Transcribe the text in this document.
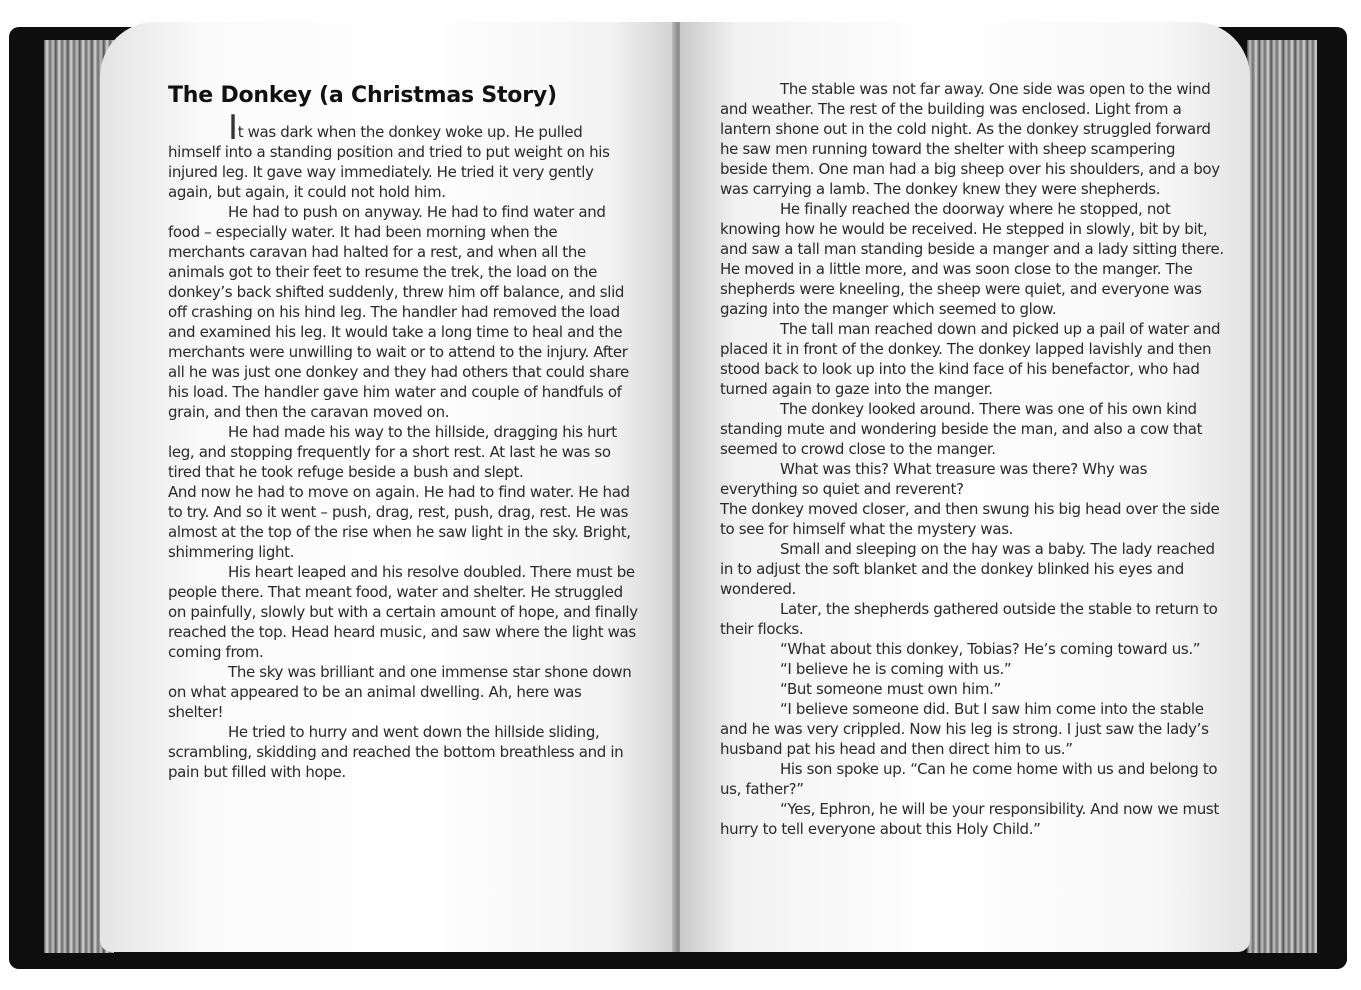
The Donkey (a Christmas Story)

It was dark when the donkey woke up. He pulled himself into a standing position and tried to put weight on his injured leg. It gave way immediately. He tried it very gently again, but again, it could not hold him.

He had to push on anyway. He had to find water and food – especially water. It had been morning when the merchants caravan had halted for a rest, and when all the animals got to their feet to resume the trek, the load on the donkey’s back shifted suddenly, threw him off balance, and slid off crashing on his hind leg. The handler had removed the load and examined his leg. It would take a long time to heal and the merchants were unwilling to wait or to attend to the injury. After all he was just one donkey and they had others that could share his load. The handler gave him water and couple of handfuls of grain, and then the caravan moved on.

He had made his way to the hillside, dragging his hurt leg, and stopping frequently for a short rest. At last he was so tired that he took refuge beside a bush and slept.

And now he had to move on again. He had to find water. He had to try. And so it went – push, drag, rest, push, drag, rest. He was almost at the top of the rise when he saw light in the sky. Bright, shimmering light.

His heart leaped and his resolve doubled. There must be people there. That meant food, water and shelter. He struggled on painfully, slowly but with a certain amount of hope, and finally reached the top. Head heard music, and saw where the light was coming from.

The sky was brilliant and one immense star shone down on what appeared to be an animal dwelling. Ah, here was shelter!

He tried to hurry and went down the hillside sliding, scrambling, skidding and reached the bottom breathless and in pain but filled with hope.

The stable was not far away. One side was open to the wind and weather. The rest of the building was enclosed. Light from a lantern shone out in the cold night. As the donkey struggled forward he saw men running toward the shelter with sheep scampering beside them. One man had a big sheep over his shoulders, and a boy was carrying a lamb. The donkey knew they were shepherds.

He finally reached the doorway where he stopped, not knowing how he would be received. He stepped in slowly, bit by bit, and saw a tall man standing beside a manger and a lady sitting there. He moved in a little more, and was soon close to the manger. The shepherds were kneeling, the sheep were quiet, and everyone was gazing into the manger which seemed to glow.

The tall man reached down and picked up a pail of water and placed it in front of the donkey. The donkey lapped lavishly and then stood back to look up into the kind face of his benefactor, who had turned again to gaze into the manger.

The donkey looked around. There was one of his own kind standing mute and wondering beside the man, and also a cow that seemed to crowd close to the manger.

What was this? What treasure was there? Why was everything so quiet and reverent?

The donkey moved closer, and then swung his big head over the side to see for himself what the mystery was.

Small and sleeping on the hay was a baby. The lady reached in to adjust the soft blanket and the donkey blinked his eyes and wondered.

Later, the shepherds gathered outside the stable to return to their flocks.

“What about this donkey, Tobias? He’s coming toward us.”

“I believe he is coming with us.”

“But someone must own him.”

“I believe someone did. But I saw him come into the stable and he was very crippled. Now his leg is strong. I just saw the lady’s husband pat his head and then direct him to us.”

His son spoke up. “Can he come home with us and belong to us, father?”

“Yes, Ephron, he will be your responsibility. And now we must hurry to tell everyone about this Holy Child.”
